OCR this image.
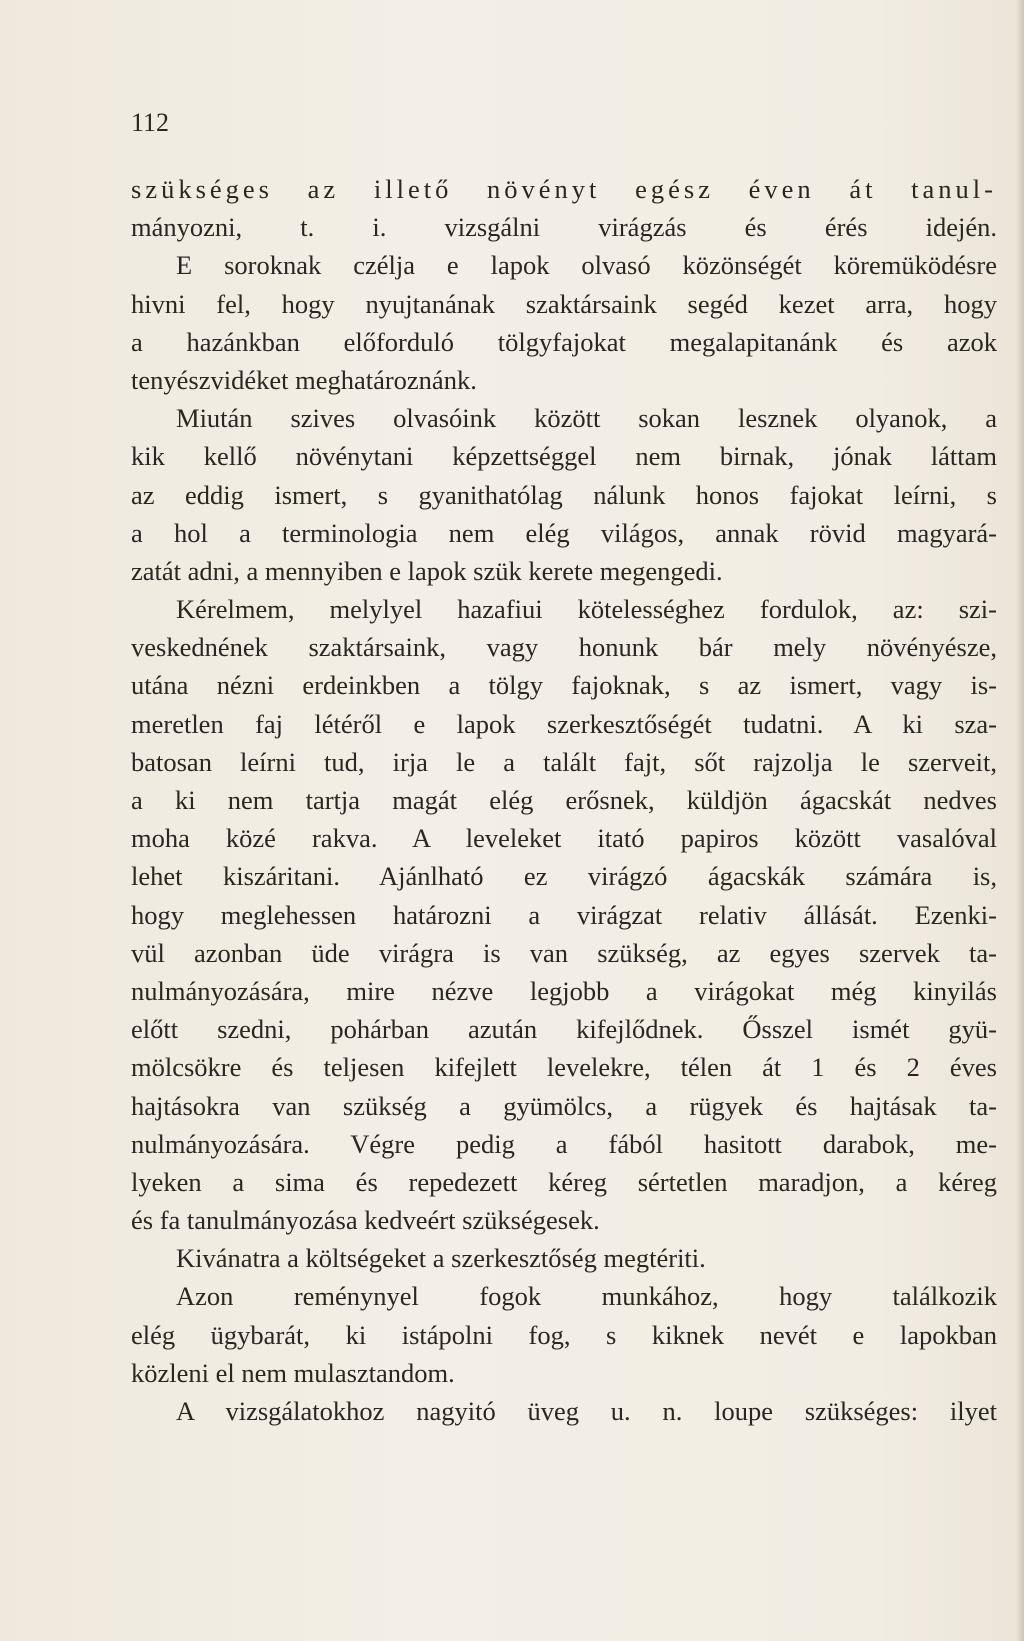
112
szükséges az illető növényt egész éven át tanul-
mányozni, t. i. vizsgálni virágzás és érés idején.
E soroknak czélja e lapok olvasó közönségét köremüködésre
hivni fel, hogy nyujtanának szaktársaink segéd kezet arra, hogy
a hazánkban előforduló tölgyfajokat megalapitanánk és azok
tenyészvidéket meghatároznánk.
Miután szives olvasóink között sokan lesznek olyanok, a
kik kellő növénytani képzettséggel nem birnak, jónak láttam
az eddig ismert, s gyanithatólag nálunk honos fajokat leírni, s
a hol a terminologia nem elég világos, annak rövid magyará-
zatát adni, a mennyiben e lapok szük kerete megengedi.
Kérelmem, melylyel hazafiui kötelességhez fordulok, az: szi-
veskednének szaktársaink, vagy honunk bár mely növényésze,
utána nézni erdeinkben a tölgy fajoknak, s az ismert, vagy is-
meretlen faj létéről e lapok szerkesztőségét tudatni. A ki sza-
batosan leírni tud, irja le a talált fajt, sőt rajzolja le szerveit,
a ki nem tartja magát elég erősnek, küldjön ágacskát nedves
moha közé rakva. A leveleket itató papiros között vasalóval
lehet kiszáritani. Ajánlható ez virágzó ágacskák számára is,
hogy meglehessen határozni a virágzat relativ állását. Ezenki-
vül azonban üde virágra is van szükség, az egyes szervek ta-
nulmányozására, mire nézve legjobb a virágokat még kinyilás
előtt szedni, pohárban azután kifejlődnek. Ősszel ismét gyü-
mölcsökre és teljesen kifejlett levelekre, télen át 1 és 2 éves
hajtásokra van szükség a gyümölcs, a rügyek és hajtásak ta-
nulmányozására. Végre pedig a fából hasitott darabok, me-
lyeken a sima és repedezett kéreg sértetlen maradjon, a kéreg
és fa tanulmányozása kedveért szükségesek.
Kivánatra a költségeket a szerkesztőség megtériti.
Azon reménynyel fogok munkához, hogy találkozik
elég ügybarát, ki istápolni fog, s kiknek nevét e lapokban
közleni el nem mulasztandom.
A vizsgálatokhoz nagyitó üveg u. n. loupe szükséges: ilyet
